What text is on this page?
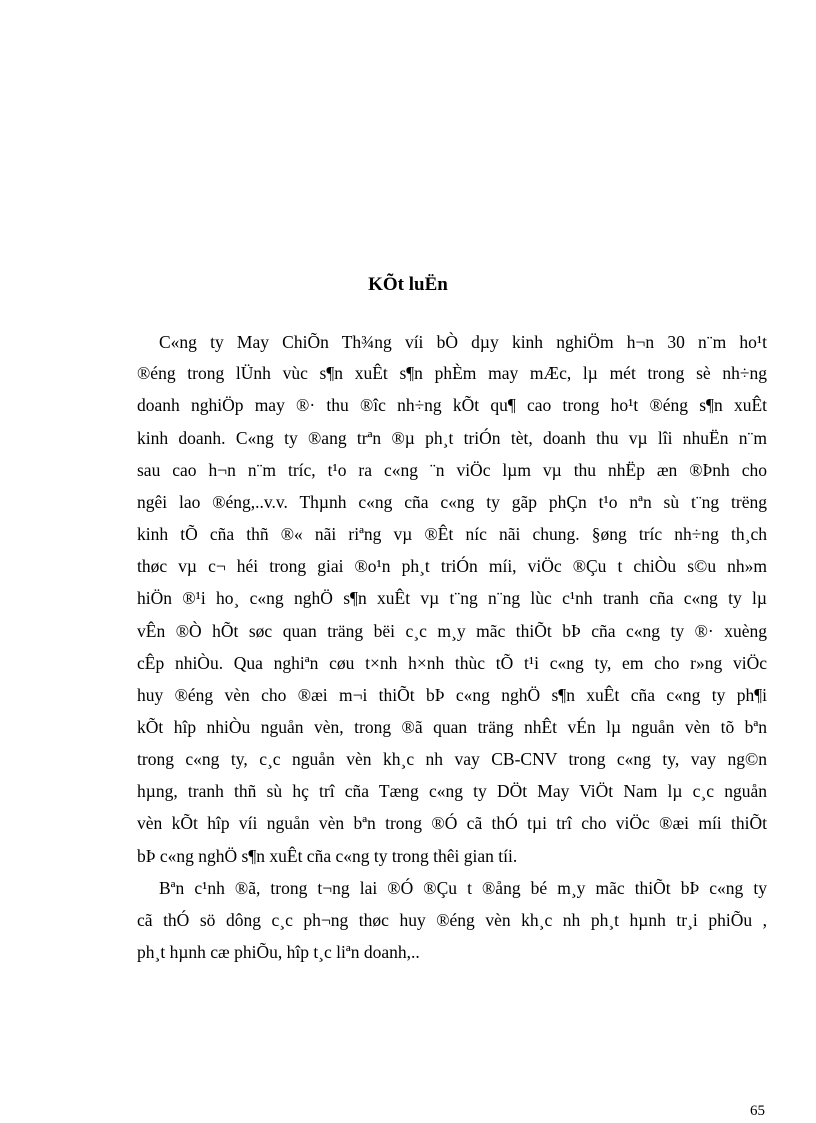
KÕt luËn
C«ng ty May ChiÕn Th¾ng víi bÒ dµy kinh nghiÖm h¬n 30 n¨m ho¹t
®éng trong lÜnh vùc s¶n xuÊt s¶n phÈm may mÆc, lµ mét trong sè nh÷ng
doanh nghiÖp may ®· thu ®îc nh÷ng kÕt qu¶ cao trong ho¹t ®éng s¶n xuÊt
kinh doanh. C«ng ty ®ang trªn ®µ ph¸t triÓn tèt, doanh thu vµ lîi nhuËn n¨m
sau cao h¬n n¨m tríc, t¹o ra c«ng ¨n viÖc lµm vµ thu nhËp æn ®Þnh cho
ngêi lao ®éng,..v.v. Thµnh c«ng cña c«ng ty gãp phÇn t¹o nªn sù t¨ng trëng
kinh tÕ cña thñ ®« nãi riªng vµ ®Êt níc nãi chung. §øng tríc nh÷ng th¸ch
thøc vµ c¬ héi trong giai ®o¹n ph¸t triÓn míi, viÖc ®Çu t chiÒu s©u nh»m
hiÖn ®¹i ho¸ c«ng nghÖ s¶n xuÊt vµ t¨ng n¨ng lùc c¹nh tranh cña c«ng ty lµ
vÊn ®Ò hÕt søc quan träng bëi c¸c m¸y mãc thiÕt bÞ cña c«ng ty ®· xuèng
cÊp nhiÒu. Qua nghiªn cøu t×nh h×nh thùc tÕ t¹i c«ng ty, em cho r»ng viÖc
huy ®éng vèn cho ®æi m¬i thiÕt bÞ c«ng nghÖ s¶n xuÊt cña c«ng ty ph¶i
kÕt hîp nhiÒu nguån vèn, trong ®ã quan träng nhÊt vÉn lµ nguån vèn tõ bªn
trong c«ng ty, c¸c nguån vèn kh¸c nh vay CB-CNV trong c«ng ty, vay ng©n
hµng, tranh thñ sù hç trî cña Tæng c«ng ty DÖt May ViÖt Nam lµ c¸c nguån
vèn kÕt hîp víi nguån vèn bªn trong ®Ó cã thÓ tµi trî cho viÖc ®æi míi thiÕt
bÞ c«ng nghÖ s¶n xuÊt cña c«ng ty trong thêi gian tíi.
Bªn c¹nh ®ã, trong t¬ng lai ®Ó ®Çu t ®ång bé m¸y mãc thiÕt bÞ c«ng ty
cã thÓ sö dông c¸c ph¬ng thøc huy ®éng vèn kh¸c nh ph¸t hµnh tr¸i phiÕu ,
ph¸t hµnh cæ phiÕu, hîp t¸c liªn doanh,..
65
